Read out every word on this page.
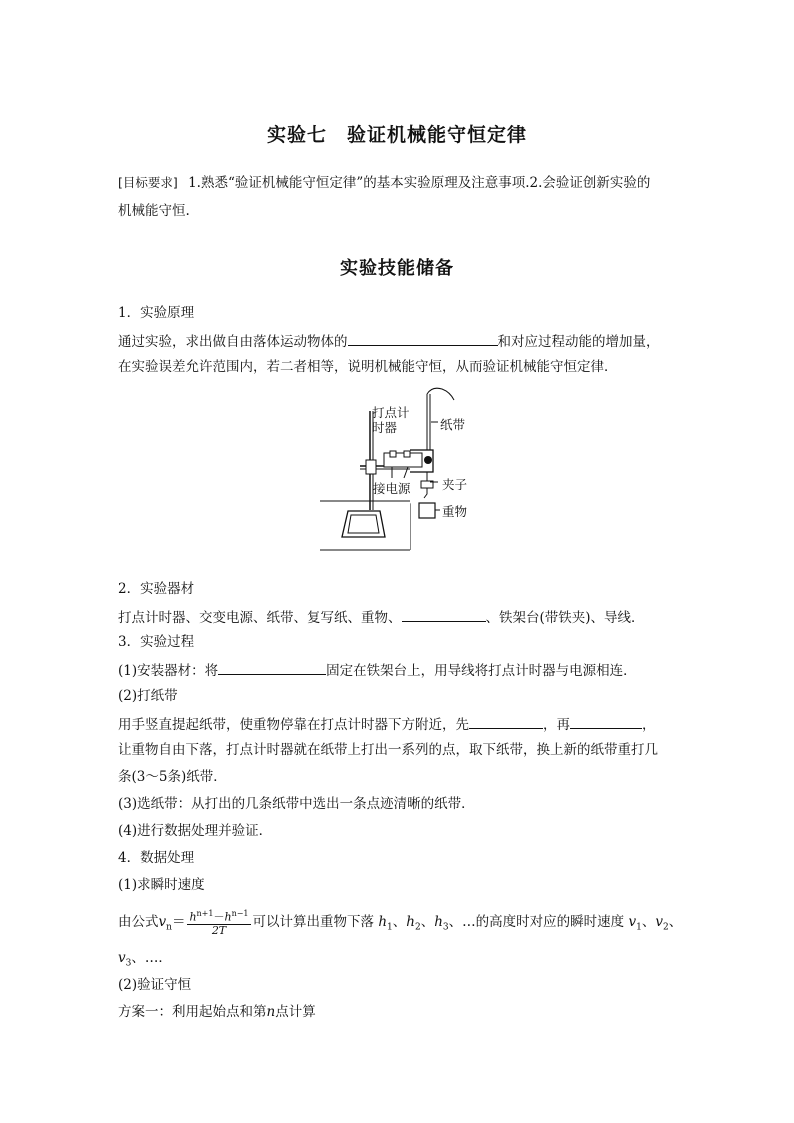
实验七　验证机械能守恒定律
[目标要求] 1.熟悉“验证机械能守恒定律”的基本实验原理及注意事项.2.会验证创新实验的
机械能守恒.
实验技能储备
1．实验原理
通过实验，求出做自由落体运动物体的	和对应过程动能的增加量，
在实验误差允许范围内，若二者相等，说明机械能守恒，从而验证机械能守恒定律．
打点计
时器	纸带
接电源	夹子
重物
2．实验器材
打点计时器、交变电源、纸带、复写纸、重物、	、铁架台(带铁夹)、导线．
3．实验过程
(1)安装器材：将	固定在铁架台上，用导线将打点计时器与电源相连．
(2)打纸带
用手竖直提起纸带，使重物停靠在打点计时器下方附近，先	，再	，
让重物自由下落，打点计时器就在纸带上打出一系列的点，取下纸带，换上新的纸带重打几
条(3～5条)纸带．
(3)选纸带：从打出的几条纸带中选出一条点迹清晰的纸带．
(4)进行数据处理并验证．
4．数据处理
(1)求瞬时速度
由公式$v_n= \frac{h^{n+1}-h^{n-1}}{2T}$ 可以计算出重物下落 $h_1$、$h_2$、$h_3$、…的高度时对应的瞬时速度 $v_1$、$v_2$、
$v_3$、…．
(2)验证守恒
方案一：利用起始点和第n点计算
